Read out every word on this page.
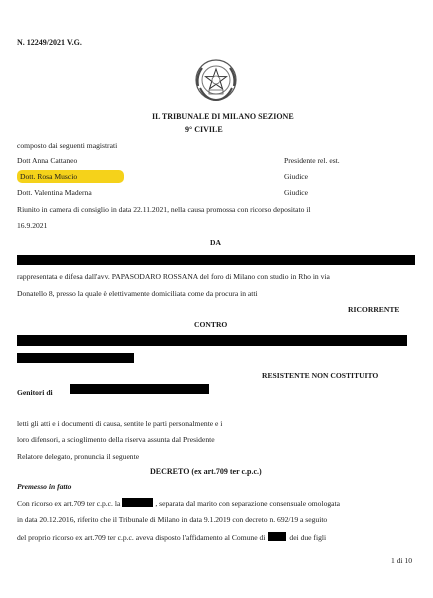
N. 12249/2021 V.G.
IL TRIBUNALE DI MILANO SEZIONE
9° CIVILE
composto dai seguenti magistrati
Dott Anna Cattaneo	Presidente rel. est.
Dott. Rosa Muscio	Giudice
Dott. Valentina Maderna	Giudice
Riunito in camera di consiglio in data 22.11.2021, nella causa promossa con ricorso depositato il
16.9.2021
DA
rappresentata e difesa dall'avv. PAPASODARO ROSSANA del foro di Milano con studio in Rho in via
Donatello 8, presso la quale è elettivamente domiciliata come da procura in atti
RICORRENTE
CONTRO
RESISTENTE NON COSTITUITO
Genitori di
letti gli atti e i documenti di causa, sentite le parti personalmente e i
loro difensori, a scioglimento della riserva assunta dal Presidente
Relatore delegato, pronuncia il seguente
DECRETO (ex art.709 ter c.p.c.)
Premesso in fatto
Con ricorso ex art.709 ter c.p.c. la	, separata dal marito con separazione consensuale omologata
in data 20.12.2016, riferito che il Tribunale di Milano in data 9.1.2019 con decreto n. 692/19 a seguito
del proprio ricorso ex art.709 ter c.p.c. aveva disposto l'affidamento al Comune di	dei due figli
1 di 10
